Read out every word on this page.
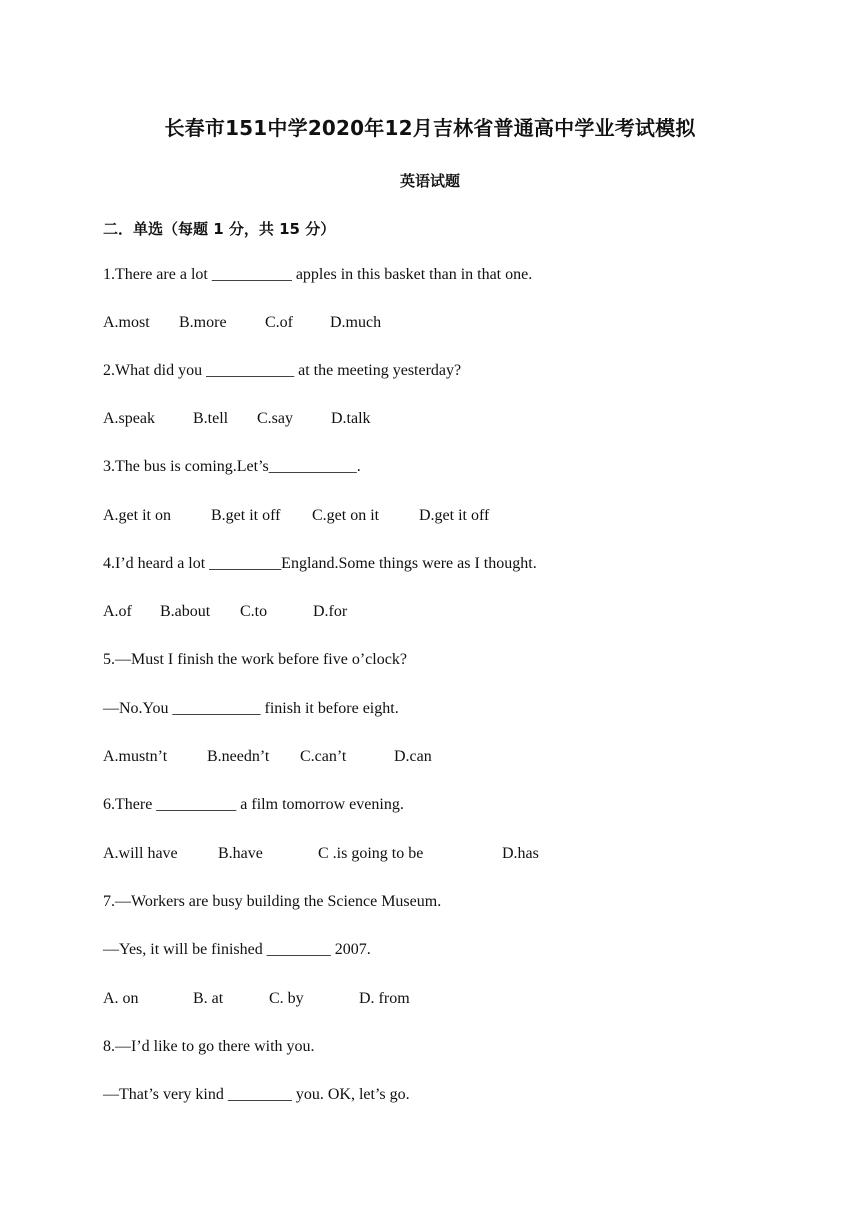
长春市151中学2020年12月吉林省普通高中学业考试模拟
英语试题
二．单选（每题 1 分，共 15 分）
1.There are a lot __________ apples in this basket than in that one.
A.most B.more C.of D.much
2.What did you ___________ at the meeting yesterday?
A.speak B.tell C.say D.talk
3.The bus is coming.Let’s___________.
A.get it on	B.get it off C.get on it D.get it off
4.I’d heard a lot _________England.Some things were as I thought.
A.of B.about C.to	D.for
5.—Must I finish the work before five o’clock?
—No.You ___________ finish it before eight.
A.mustn’t B.needn’t C.can’t	D.can
6.There __________ a film tomorrow evening.
A.will have	B.have	C .is going to be	D.has
7.—Workers are busy building the Science Museum.
—Yes, it will be finished ________ 2007.
A. on	B. at	C. by	D. from
8.—I’d like to go there with you.
—That’s very kind ________ you. OK, let’s go.
